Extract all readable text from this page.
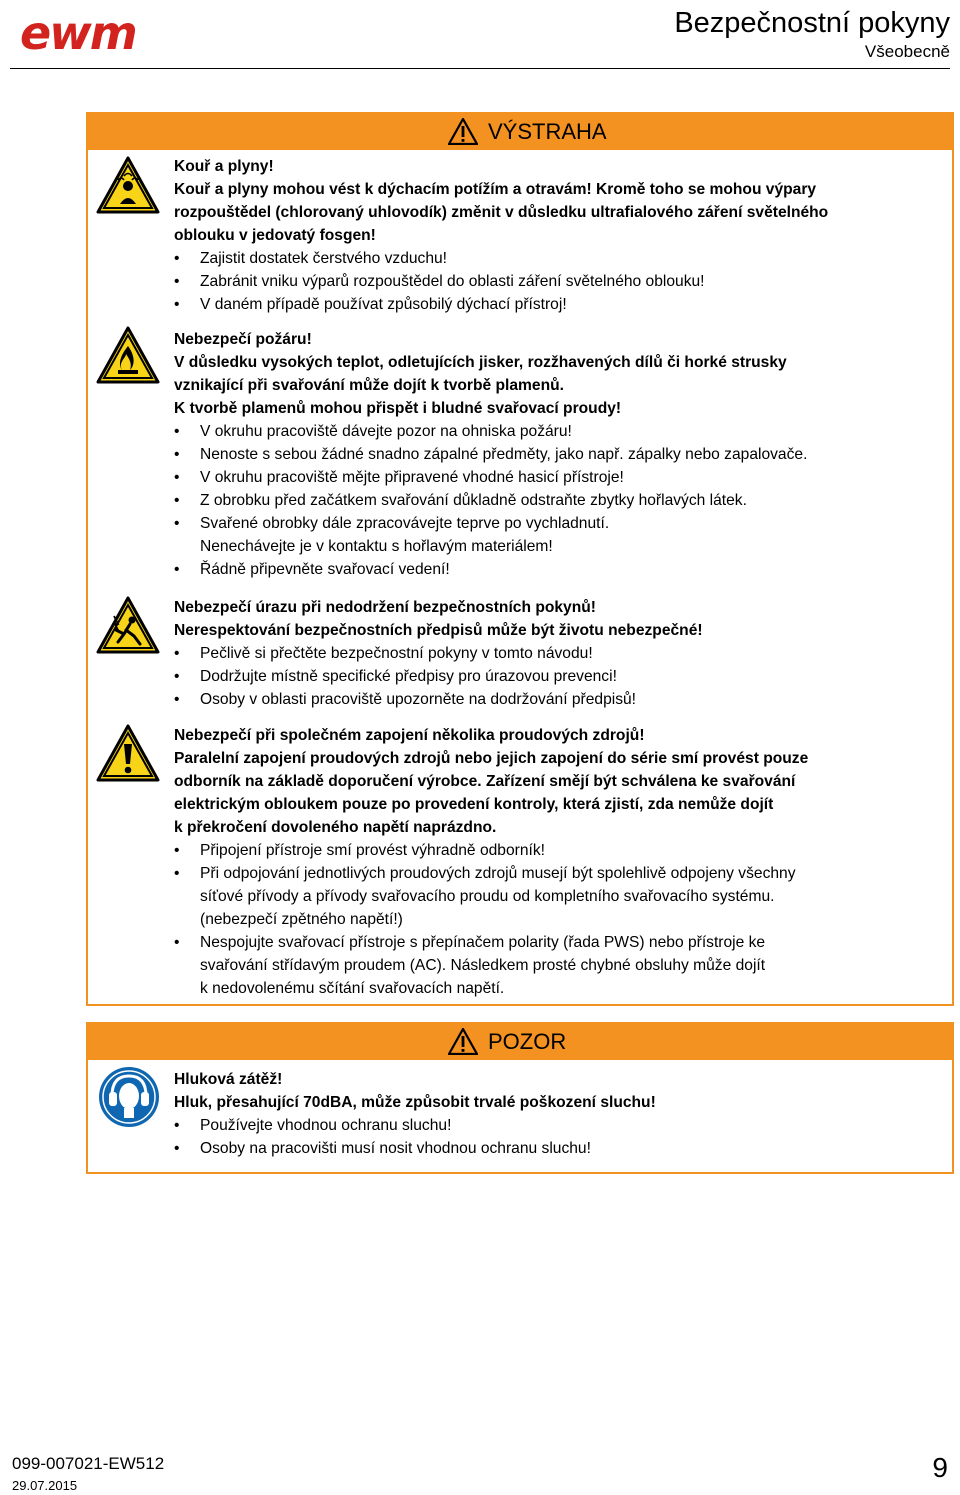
ewm	Bezpečnostní pokyny
Všeobecně
VÝSTRAHA
Kouř a plyny!
Kouř a plyny mohou vést k dýchacím potížím a otravám! Kromě toho se mohou výpary
rozpouštědel (chlorovaný uhlovodík) změnit v důsledku ultrafialového záření světelného
oblouku v jedovatý fosgen!
• Zajistit dostatek čerstvého vzduchu!
• Zabránit vniku výparů rozpouštědel do oblasti záření světelného oblouku!
• V daném případě používat způsobilý dýchací přístroj!
Nebezpečí požáru!
V důsledku vysokých teplot, odletujících jisker, rozžhavených dílů či horké strusky
vznikající při svařování může dojít k tvorbě plamenů.
K tvorbě plamenů mohou přispět i bludné svařovací proudy!
• V okruhu pracoviště dávejte pozor na ohniska požáru!
• Nenoste s sebou žádné snadno zápalné předměty, jako např. zápalky nebo zapalovače.
• V okruhu pracoviště mějte připravené vhodné hasicí přístroje!
• Z obrobku před začátkem svařování důkladně odstraňte zbytky hořlavých látek.
• Svařené obrobky dále zpracovávejte teprve po vychladnutí.
Nenechávejte je v kontaktu s hořlavým materiálem!
• Řádně připevněte svařovací vedení!
Nebezpečí úrazu při nedodržení bezpečnostních pokynů!
Nerespektování bezpečnostních předpisů může být životu nebezpečné!
• Pečlivě si přečtěte bezpečnostní pokyny v tomto návodu!
• Dodržujte místně specifické předpisy pro úrazovou prevenci!
• Osoby v oblasti pracoviště upozorněte na dodržování předpisů!
Nebezpečí při společném zapojení několika proudových zdrojů!
Paralelní zapojení proudových zdrojů nebo jejich zapojení do série smí provést pouze
odborník na základě doporučení výrobce. Zařízení smějí být schválena ke svařování
elektrickým obloukem pouze po provedení kontroly, která zjistí, zda nemůže dojít
k překročení dovoleného napětí naprázdno.
• Připojení přístroje smí provést výhradně odborník!
• Při odpojování jednotlivých proudových zdrojů musejí být spolehlivě odpojeny všechny
síťové přívody a přívody svařovacího proudu od kompletního svařovacího systému.
(nebezpečí zpětného napětí!)
• Nespojujte svařovací přístroje s přepínačem polarity (řada PWS) nebo přístroje ke
svařování střídavým proudem (AC). Následkem prosté chybné obsluhy může dojít
k nedovolenému sčítání svařovacích napětí.
POZOR
Hluková zátěž!
Hluk, přesahující 70dBA, může způsobit trvalé poškození sluchu!
• Používejte vhodnou ochranu sluchu!
• Osoby na pracovišti musí nosit vhodnou ochranu sluchu!
099-007021-EW512
29.07.2015
9
